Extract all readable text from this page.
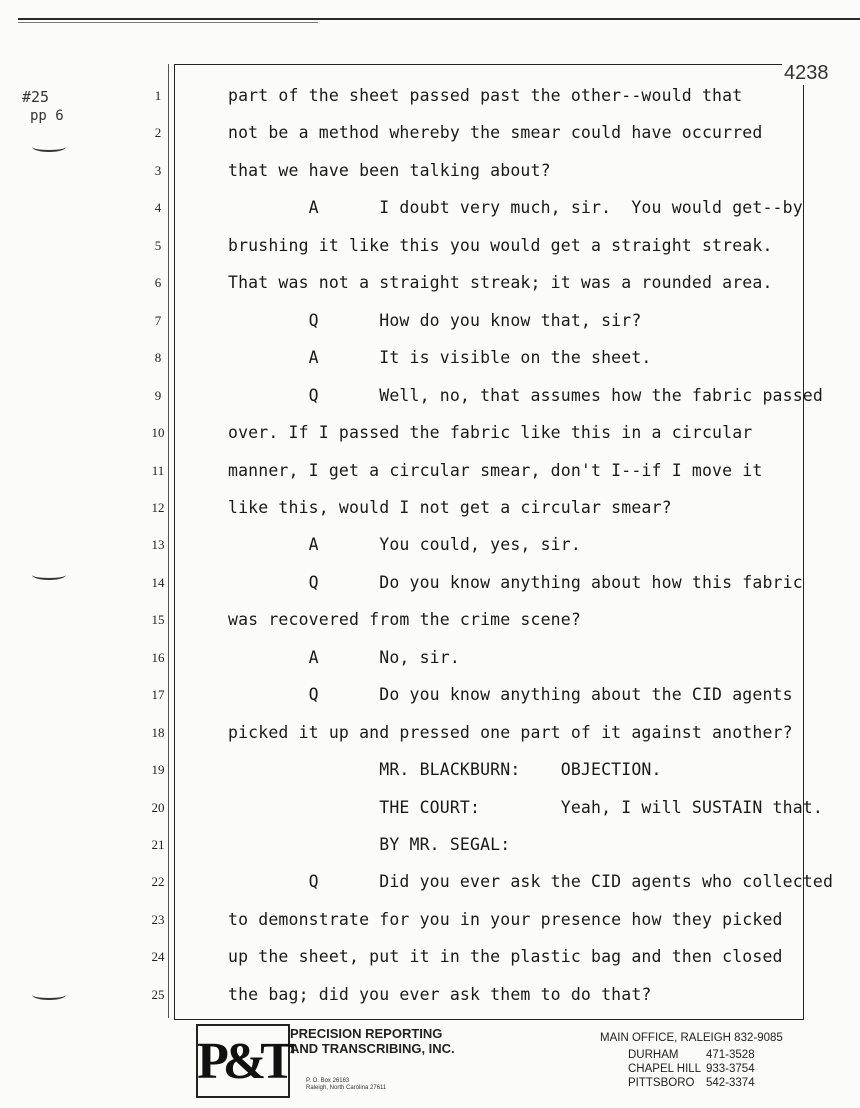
#25
pp 6
4238
1	part of the sheet passed past the other--would that
2	not be a method whereby the smear could have occurred
3	that we have been talking about?
4	A      I doubt very much, sir.  You would get--by
5	brushing it like this you would get a straight streak.
6	That was not a straight streak; it was a rounded area.
7	Q      How do you know that, sir?
8	A      It is visible on the sheet.
9	Q      Well, no, that assumes how the fabric passed
10	over. If I passed the fabric like this in a circular
11	manner, I get a circular smear, don't I--if I move it
12	like this, would I not get a circular smear?
13	A      You could, yes, sir.
14	Q      Do you know anything about how this fabric
15	was recovered from the crime scene?
16	A      No, sir.
17	Q      Do you know anything about the CID agents
18	picked it up and pressed one part of it against another?
19	MR. BLACKBURN:    OBJECTION.
20	THE COURT:        Yeah, I will SUSTAIN that.
21	BY MR. SEGAL:
22	Q      Did you ever ask the CID agents who collected
23	to demonstrate for you in your presence how they picked
24	up the sheet, put it in the plastic bag and then closed
25	the bag; did you ever ask them to do that?
P&T PRECISION REPORTING
AND TRANSCRIBING, INC.
P. O. Box 26163
Raleigh, North Carolina 27611
MAIN OFFICE, RALEIGH 832-9085
DURHAM 471-3528
CHAPEL HILL 933-3754
PITTSBORO 542-3374
